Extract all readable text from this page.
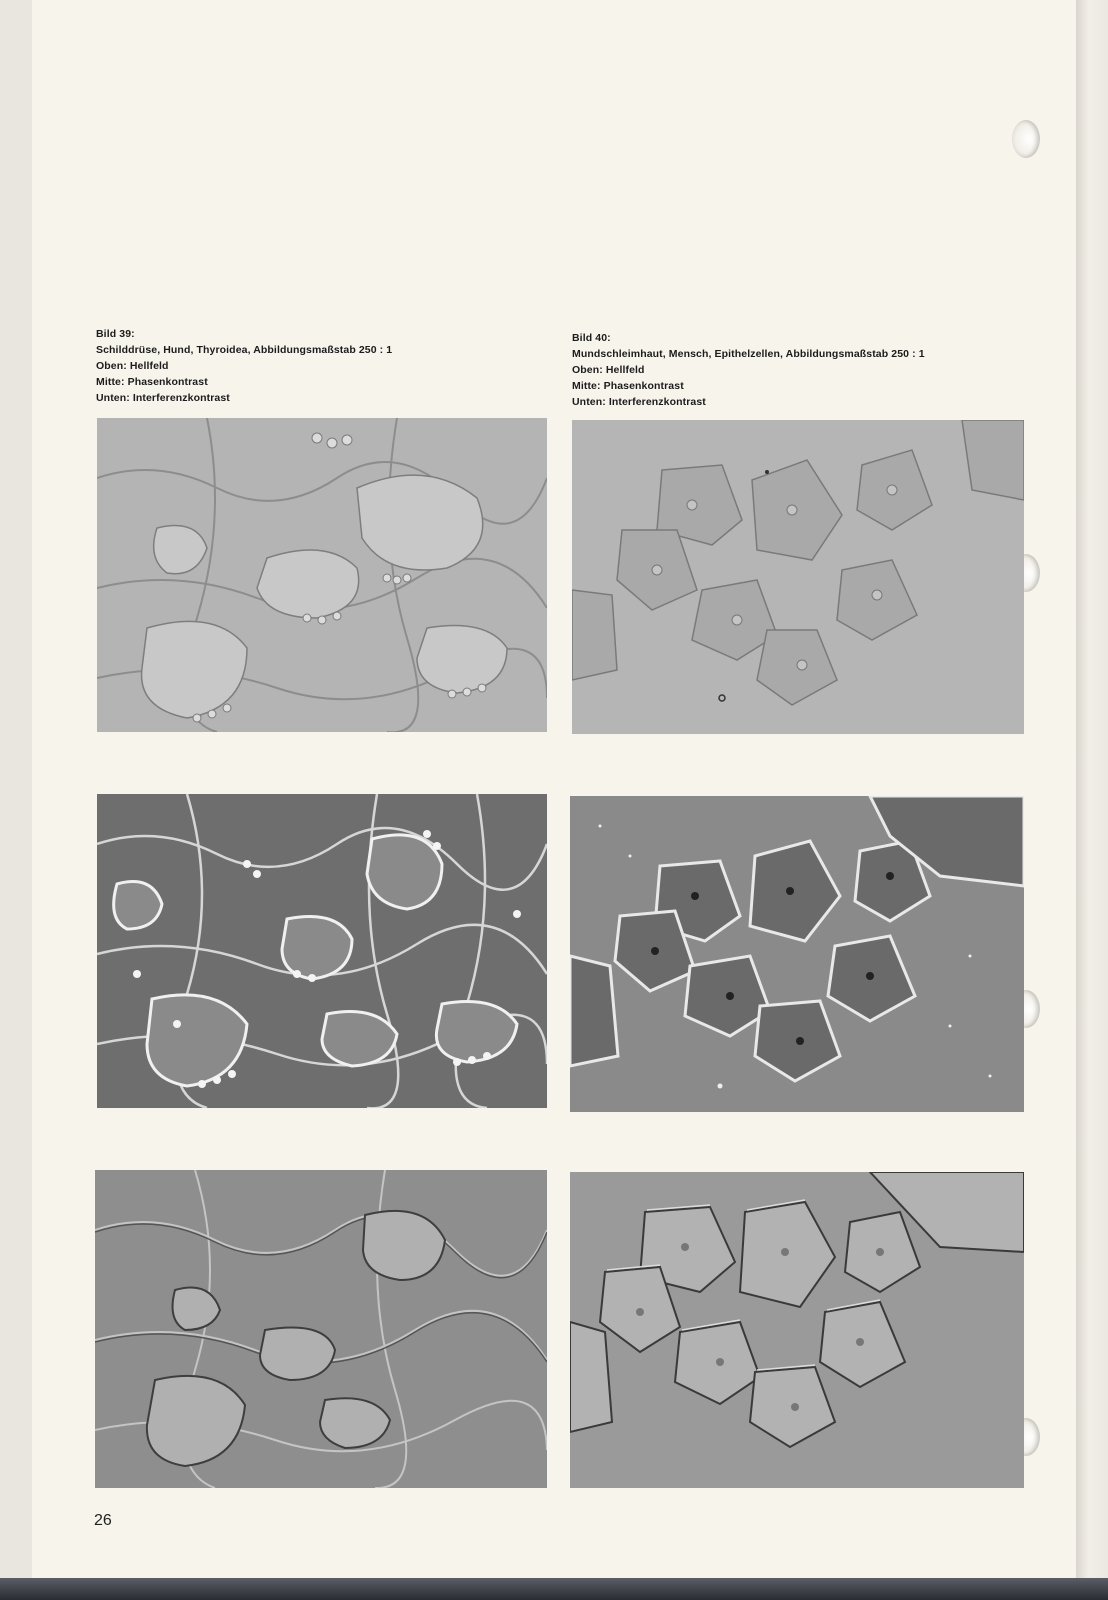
Bild 39:
Schilddrüse, Hund, Thyroidea, Abbildungsmaßstab 250 : 1
Oben: Hellfeld
Mitte: Phasenkontrast
Unten: Interferenzkontrast
Bild 40:
Mundschleimhaut, Mensch, Epithelzellen, Abbildungsmaßstab 250 : 1
Oben: Hellfeld
Mitte: Phasenkontrast
Unten: Interferenzkontrast
26
